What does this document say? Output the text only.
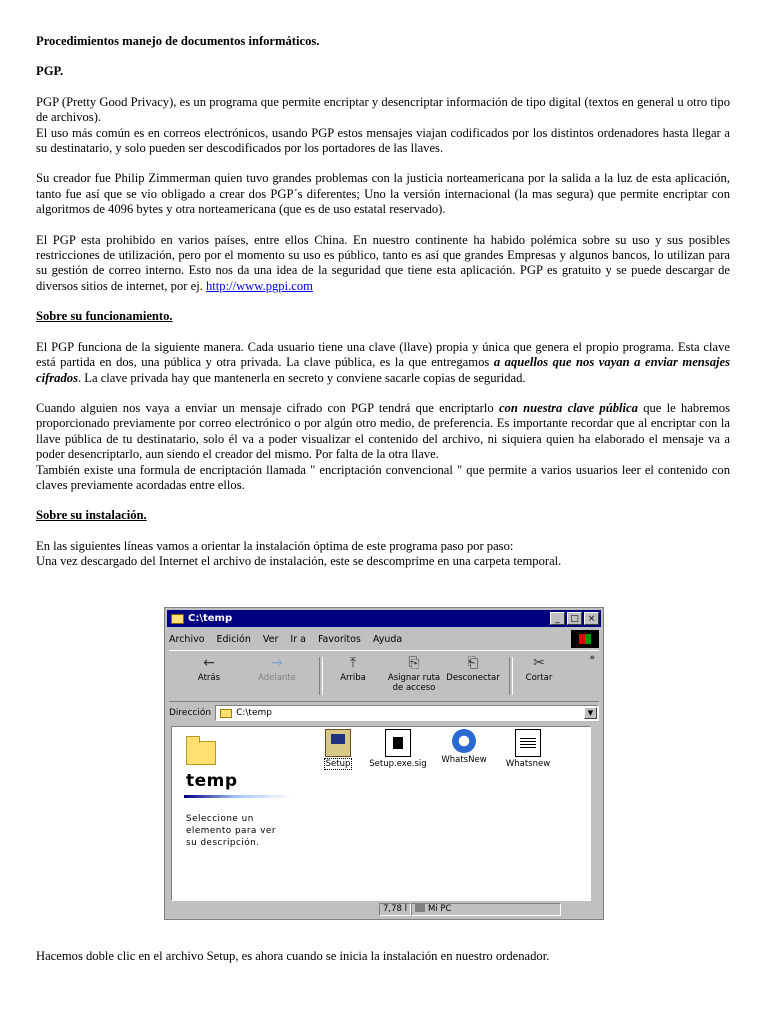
Procedimientos manejo de documentos informáticos.

PGP.

PGP (Pretty Good Privacy), es un programa que permite encriptar y desencriptar información de tipo digital (textos en general u otro tipo de archivos).

El uso más común es en correos electrónicos, usando PGP estos mensajes viajan codificados por los distintos ordenadores hasta llegar a su destinatario, y solo pueden ser descodificados por los portadores de las llaves.

Su creador fue Philip Zimmerman quien tuvo grandes problemas con la justicia norteamericana por la salida a la luz de esta aplicación, tanto fue así que se vio obligado a crear dos PGP´s diferentes; Uno la versión internacional (la mas segura) que permite encriptar con algoritmos de 4096 bytes y otra norteamericana (que es de uso estatal reservado).

El PGP esta prohibido en varios países, entre ellos China. En nuestro continente ha habido polémica sobre su uso y sus posibles restricciones de utilización, pero por el momento su uso es público, tanto es así que grandes Empresas y algunos bancos, lo utilizan para su gestión de correo interno. Esto nos da una idea de la seguridad que tiene esta aplicación. PGP es gratuito y se puede descargar de diversos sitios de internet, por ej. http://www.pgpi.com

Sobre su funcionamiento.

El PGP funciona de la siguiente manera. Cada usuario tiene una clave (llave) propia y única que genera el propio programa. Esta clave está partida en dos, una pública y otra privada. La clave pública, es la que entregamos a aquellos que nos vayan a enviar mensajes cifrados. La clave privada hay que mantenerla en secreto y conviene sacarle copias de seguridad.

Cuando alguien nos vaya a enviar un mensaje cifrado con PGP tendrá que encriptarlo con nuestra clave pública que le habremos proporcionado previamente por correo electrónico o por algún otro medio, de preferencia. Es importante recordar que al encriptar con la llave pública de tu destinatario, solo él va a poder visualizar el contenido del archivo, ni siquiera quien ha elaborado el mensaje va a poder desencriptarlo, aun siendo el creador del mismo. Por falta de la otra llave.

También existe una formula de encriptación llamada " encriptación convencional " que permite a varios usuarios leer el contenido con claves previamente acordadas entre ellos.

Sobre su instalación.

En las siguientes líneas vamos a orientar la instalación óptima de este programa paso por paso:

Una vez descargado del Internet el archivo de instalación, este se descomprime en una carpeta temporal.

C:\temp	_	□ ×
Archivo Edición Ver Ir a Favoritos Ayuda
←
Atrás
→
Adelante
⤒
Arriba
⎘
Asignar ruta de acceso
⎗
Desconectar
✂
Cortar
»
Dirección	C:\temp	▼
temp
Seleccione un elemento para ver su descripción.
Setup	Setup.exe.sig	WhatsNew	Whatsnew
7,78 l	Mi PC

Hacemos doble clic en el archivo Setup, es ahora cuando se inicia la instalación en nuestro ordenador.
